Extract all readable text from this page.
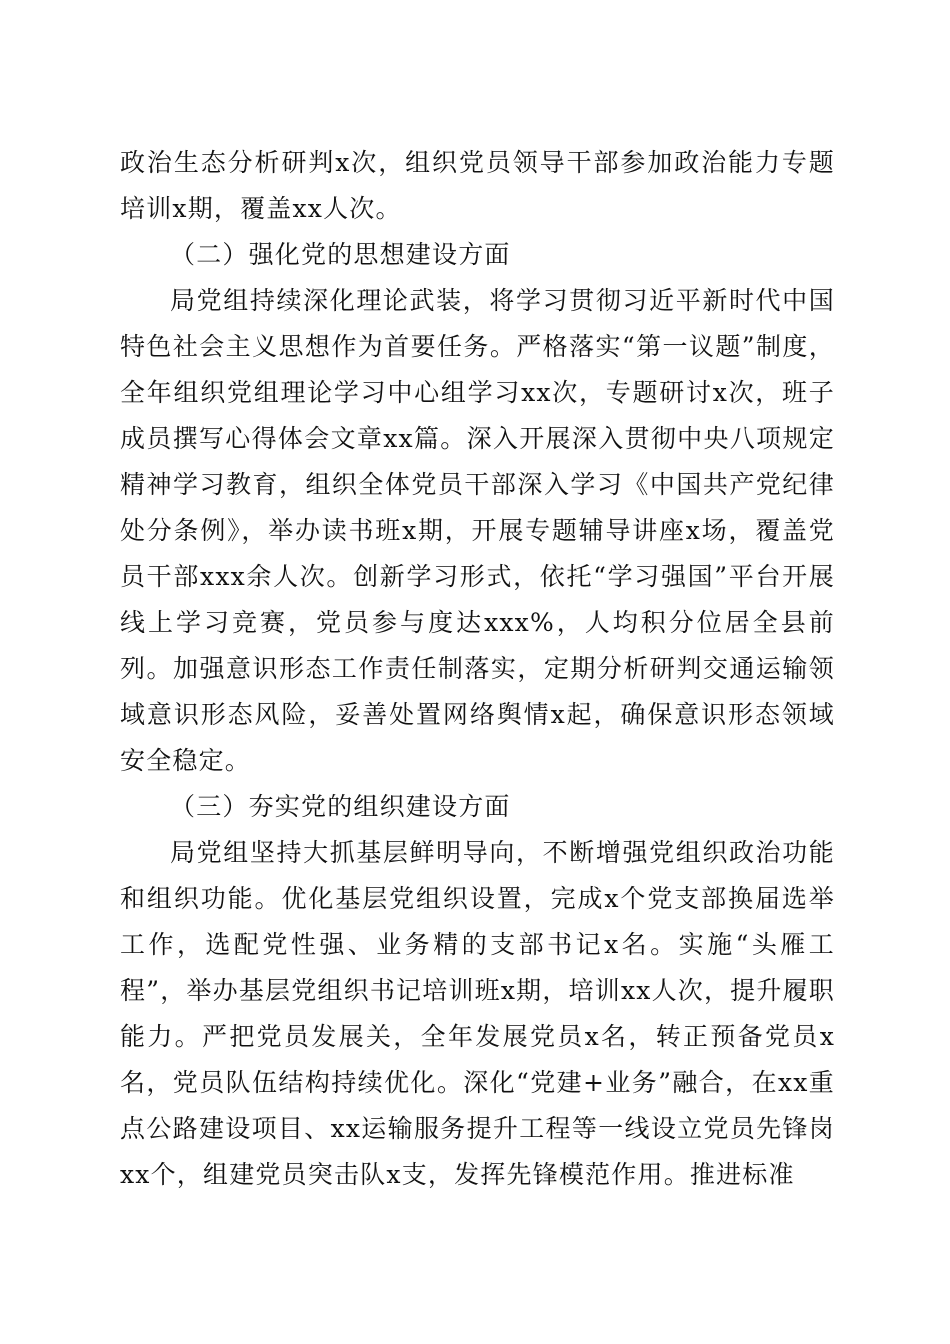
政治生态分析研判x次，组织党员领导干部参加政治能力专题培训x期，覆盖xx人次。

（二）强化党的思想建设方面

局党组持续深化理论武装，将学习贯彻习近平新时代中国特色社会主义思想作为首要任务。严格落实“第一议题”制度，全年组织党组理论学习中心组学习xx次，专题研讨x次，班子成员撰写心得体会文章xx篇。深入开展深入贯彻中央八项规定精神学习教育，组织全体党员干部深入学习《中国共产党纪律处分条例》，举办读书班x期，开展专题辅导讲座x场，覆盖党员干部xxx余人次。创新学习形式，依托“学习强国”平台开展线上学习竞赛，党员参与度达xxx%，人均积分位居全县前列。加强意识形态工作责任制落实，定期分析研判交通运输领域意识形态风险，妥善处置网络舆情x起，确保意识形态领域安全稳定。

（三）夯实党的组织建设方面

局党组坚持大抓基层鲜明导向，不断增强党组织政治功能和组织功能。优化基层党组织设置，完成x个党支部换届选举工作，选配党性强、业务精的支部书记x名。实施“头雁工程”，举办基层党组织书记培训班x期，培训xx人次，提升履职能力。严把党员发展关，全年发展党员x名，转正预备党员x名，党员队伍结构持续优化。深化“党建+业务”融合，在xx重点公路建设项目、xx运输服务提升工程等一线设立党员先锋岗xx个，组建党员突击队x支，发挥先锋模范作用。推进标准
